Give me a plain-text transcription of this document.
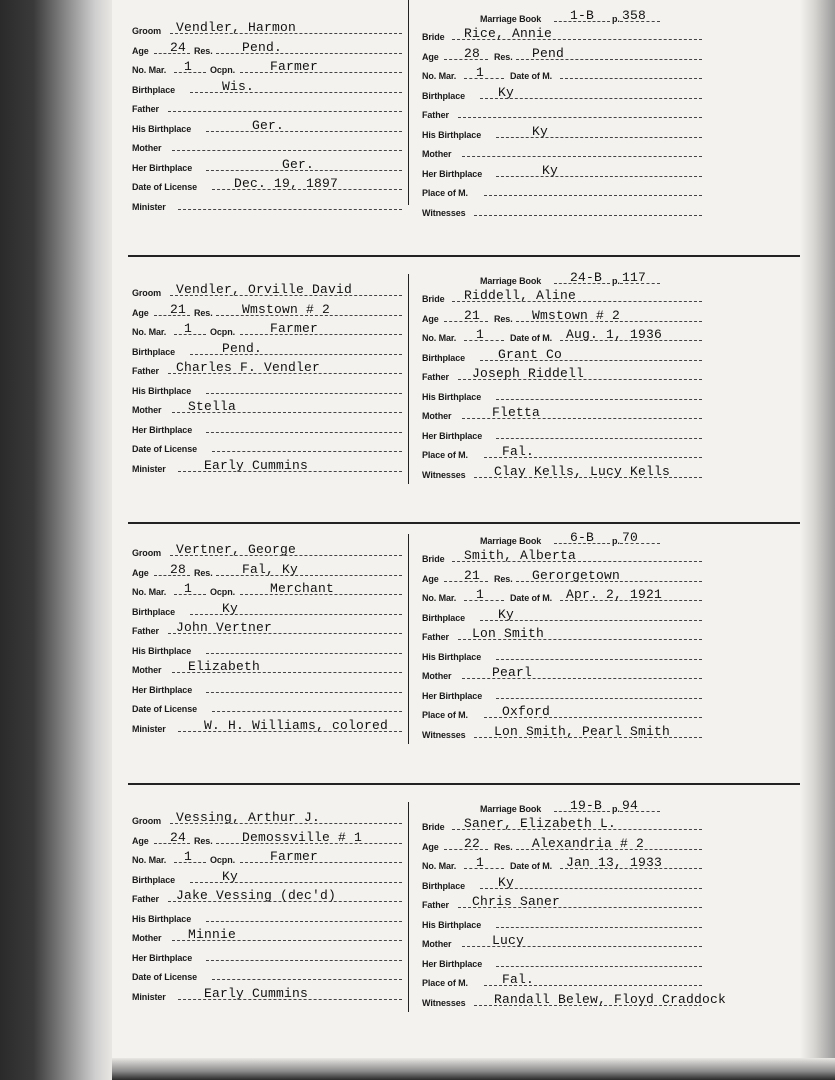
Groom Vendler, Harmon
Age 24 Res. Pend.
No. Mar. 1 Ocpn.	Farmer
Birthplace	Wis.
Father
His Birthplace	Ger.
Mother
Her Birthplace	Ger.
Date of License	Dec. 19, 1897
Minister
Marriage Book 1-B p. 358
Bride Rice, Annie
Age 28 Res. Pend
No. Mar. 1	Date of M.
Birthplace	Ky
Father
His Birthplace	Ky
Mother
Her Birthplace	Ky
Place of M.
Witnesses
Groom Vendler, Orville David
Age 21 Res. Wmstown # 2
No. Mar. 1 Ocpn.	Farmer
Birthplace	Pend.
Father Charles F. Vendler
His Birthplace
Mother Stella
Her Birthplace
Date of License
Minister	Early Cummins
Marriage Book 24-B p. 117
Bride Riddell, Aline
Age 21 Res. Wmstown # 2
No. Mar. 1	Date of M. Aug. 1, 1936
Birthplace	Grant Co
Father Joseph Riddell
His Birthplace
Mother	Fletta
Her Birthplace
Place of M.	Fal.
Witnesses Clay Kells, Lucy Kells
Groom Vertner, George
Age 28 Res. Fal, Ky
No. Mar. 1 Ocpn.	Merchant
Birthplace	Ky
Father John Vertner
His Birthplace
Mother Elizabeth
Her Birthplace
Date of License
Minister	W. H. Williams, colored
Marriage Book 6-B p. 70
Bride Smith, Alberta
Age 21 Res. Gerorgetown
No. Mar. 1	Date of M. Apr. 2, 1921
Birthplace	Ky
Father Lon Smith
His Birthplace
Mother	Pearl
Her Birthplace
Place of M.	Oxford
Witnesses Lon Smith, Pearl Smith
Groom Vessing, Arthur J.
Age 24 Res. Demossville # 1
No. Mar. 1 Ocpn.	Farmer
Birthplace	Ky
Father Jake Vessing (dec'd)
His Birthplace
Mother Minnie
Her Birthplace
Date of License
Minister	Early Cummins
Marriage Book 19-B p. 94
Bride Saner, Elizabeth L.
Age 22 Res. Alexandria # 2
No. Mar. 1	Date of M. Jan 13, 1933
Birthplace	Ky
Father Chris Saner
His Birthplace
Mother	Lucy
Her Birthplace
Place of M.	Fal.
Witnesses Randall Belew, Floyd Craddock
